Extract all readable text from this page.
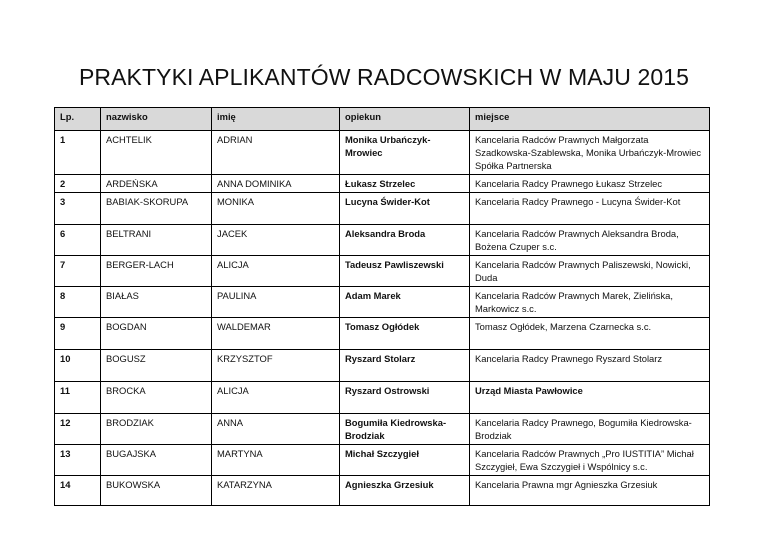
PRAKTYKI APLIKANTÓW RADCOWSKICH W MAJU 2015
Lp.	nazwisko	imię	opiekun	miejsce
1	ACHTELIK	ADRIAN	Monika Urbańczyk-Mrowiec	Kancelaria Radców Prawnych Małgorzata Szadkowska-Szablewska, Monika Urbańczyk-Mrowiec Spółka Partnerska
2	ARDEŃSKA	ANNA DOMINIKA	Łukasz Strzelec	Kancelaria Radcy Prawnego Łukasz Strzelec
3	BABIAK-SKORUPA	MONIKA	Lucyna Świder-Kot	Kancelaria Radcy Prawnego - Lucyna Świder-Kot
6	BELTRANI	JACEK	Aleksandra Broda	Kancelaria Radców Prawnych Aleksandra Broda, Bożena Czuper s.c.
7	BERGER-LACH	ALICJA	Tadeusz Pawliszewski	Kancelaria Radców Prawnych Paliszewski, Nowicki, Duda
8	BIAŁAS	PAULINA	Adam Marek	Kancelaria Radców Prawnych Marek, Zielińska, Markowicz s.c.
9	BOGDAN	WALDEMAR	Tomasz Ogłódek	Tomasz Ogłódek, Marzena Czarnecka s.c.
10	BOGUSZ	KRZYSZTOF	Ryszard Stolarz	Kancelaria Radcy Prawnego Ryszard Stolarz
11	BROCKA	ALICJA	Ryszard Ostrowski	Urząd Miasta Pawłowice
12	BRODZIAK	ANNA	Bogumiła Kiedrowska-Brodziak	Kancelaria Radcy Prawnego, Bogumiła Kiedrowska-Brodziak
13	BUGAJSKA	MARTYNA	Michał Szczygieł	Kancelaria Radców Prawnych „Pro IUSTITIA” Michał Szczygieł, Ewa Szczygieł i Wspólnicy s.c.
14	BUKOWSKA	KATARZYNA	Agnieszka Grzesiuk	Kancelaria Prawna mgr Agnieszka Grzesiuk
